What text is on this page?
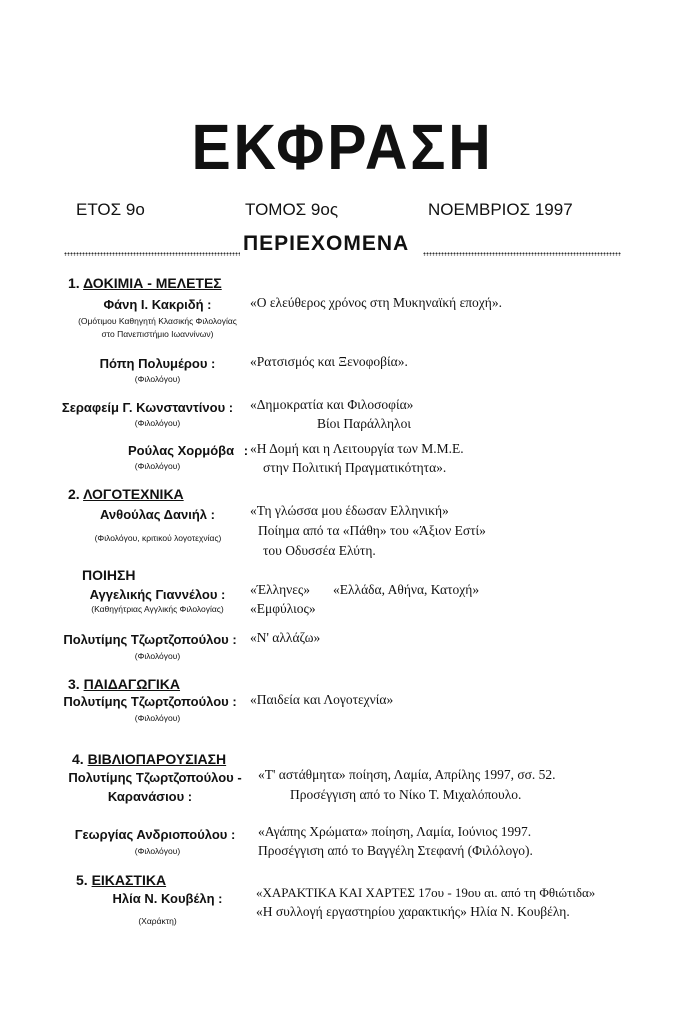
ΕΚΦΡΑΣΗ
ΕΤΟΣ 9ο	ΤΟΜΟΣ 9ος	ΝΟΕΜΒΡΙΟΣ 1997
ΠΕΡΙΕΧΟΜΕΝΑ
1. ΔΟΚΙΜΙΑ - ΜΕΛΕΤΕΣ
Φάνη Ι. Κακριδή :
(Ομότιμου Καθηγητή Κλασικής Φιλολογίας
στο Πανεπιστήμιο Ιωαννίνων)
«Ο ελεύθερος χρόνος στη Μυκηναϊκή εποχή».
Πόπη Πολυμέρου :
(Φιλολόγου)
«Ρατσισμός και Ξενοφοβία».
Σεραφείμ Γ. Κωνσταντίνου :
(Φιλολόγου)
«Δημοκρατία και Φιλοσοφία»
Βίοι Παράλληλοι
Ρούλας Χορμόβα :
(Φιλολόγου)
«Η Δομή και η Λειτουργία των Μ.Μ.Ε.
στην Πολιτική Πραγματικότητα».
2. ΛΟΓΟΤΕΧΝΙΚΑ
Ανθούλας Δανιήλ :
(Φιλολόγου, κριτικού λογοτεχνίας)
«Τη γλώσσα μου έδωσαν Ελληνική»
Ποίημα από τα «Πάθη» του «Άξιον Εστί»
του Οδυσσέα Ελύτη.
ΠΟΙΗΣΗ
Αγγελικής Γιαννέλου :
(Καθηγήτριας Αγγλικής Φιλολογίας)
«Έλληνες» «Ελλάδα, Αθήνα, Κατοχή»
«Εμφύλιος»
Πολυτίμης Τζωρτζοπούλου :
(Φιλολόγου)
«Ν' αλλάζω»
3. ΠΑΙΔΑΓΩΓΙΚΑ
Πολυτίμης Τζωρτζοπούλου :
(Φιλολόγου)
«Παιδεία και Λογοτεχνία»
4. ΒΙΒΛΙΟΠΑΡΟΥΣΙΑΣΗ
Πολυτίμης Τζωρτζοπούλου -
Καρανάσιου :
«Τ' αστάθμητα» ποίηση, Λαμία, Απρίλης 1997, σσ. 52.
Προσέγγιση από το Νίκο Τ. Μιχαλόπουλο.
Γεωργίας Ανδριοπούλου :
(Φιλολόγου)
«Αγάπης Χρώματα» ποίηση, Λαμία, Ιούνιος 1997.
Προσέγγιση από το Βαγγέλη Στεφανή (Φιλόλογο).
5. ΕΙΚΑΣΤΙΚΑ
Ηλία Ν. Κουβέλη :
(Χαράκτη)
«ΧΑΡΑΚΤΙΚΑ ΚΑΙ ΧΑΡΤΕΣ 17ου - 19ου αι. από τη Φθιώτιδα»
«Η συλλογή εργαστηρίου χαρακτικής» Ηλία Ν. Κουβέλη.
